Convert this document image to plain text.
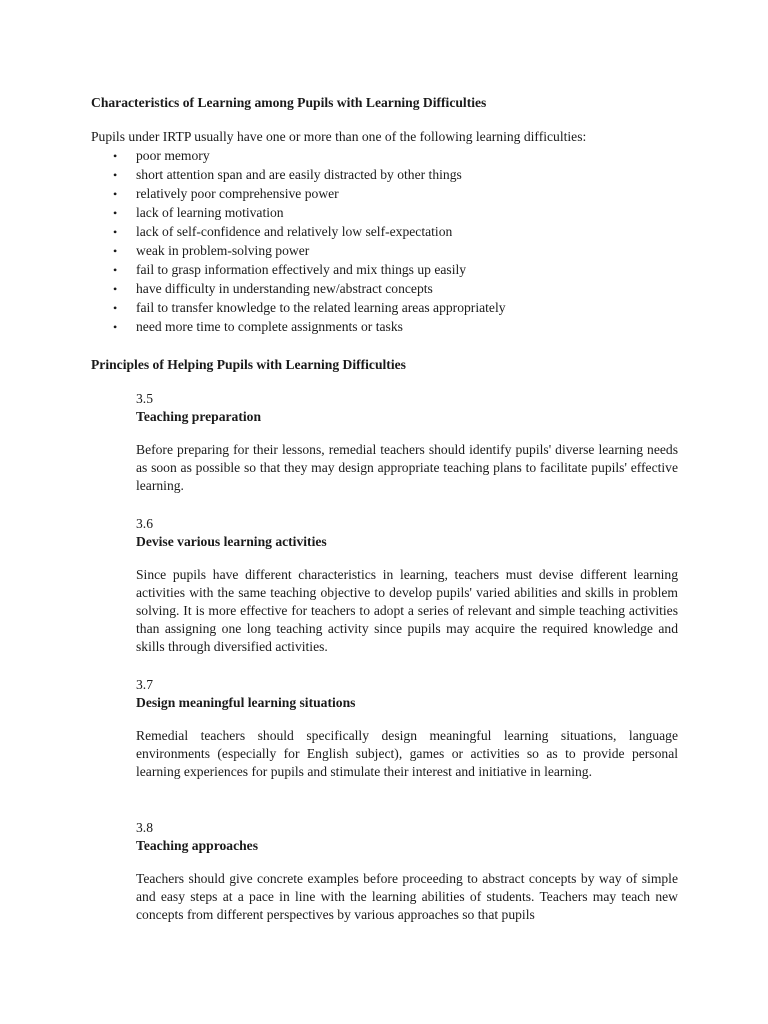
Characteristics of Learning among Pupils with Learning Difficulties
Pupils under IRTP usually have one or more than one of the following learning difficulties:
• poor memory
• short attention span and are easily distracted by other things
• relatively poor comprehensive power
• lack of learning motivation
• lack of self-confidence and relatively low self-expectation
• weak in problem-solving power
• fail to grasp information effectively and mix things up easily
• have difficulty in understanding new/abstract concepts
• fail to transfer knowledge to the related learning areas appropriately
• need more time to complete assignments or tasks
Principles of Helping Pupils with Learning Difficulties
3.5
Teaching preparation
Before preparing for their lessons, remedial teachers should identify pupils' diverse learning needs as soon as possible so that they may design appropriate teaching plans to facilitate pupils' effective learning.
3.6
Devise various learning activities
Since pupils have different characteristics in learning, teachers must devise different learning activities with the same teaching objective to develop pupils' varied abilities and skills in problem solving. It is more effective for teachers to adopt a series of relevant and simple teaching activities than assigning one long teaching activity since pupils may acquire the required knowledge and skills through diversified activities.
3.7
Design meaningful learning situations
Remedial teachers should specifically design meaningful learning situations, language environments (especially for English subject), games or activities so as to provide personal learning experiences for pupils and stimulate their interest and initiative in learning.
3.8
Teaching approaches
Teachers should give concrete examples before proceeding to abstract concepts by way of simple and easy steps at a pace in line with the learning abilities of students. Teachers may teach new concepts from different perspectives by various approaches so that pupils
